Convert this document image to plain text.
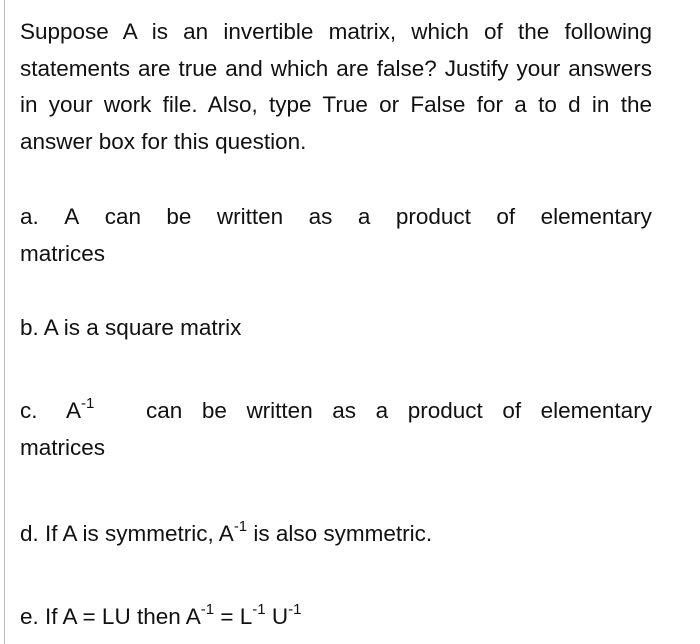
Suppose A is an invertible matrix, which of the following statements are true and which are false? Justify your answers in your work file. Also, type True or False for a to d in the answer box for this question.

a. A can be written as a product of elementary
matrices
b. A is a square matrix
c.	$A^{-1}$	can be written as a product of elementary
matrices
d. If A is symmetric, $A^{-1}$ is also symmetric.
e. If A = LU then $A^{-1} = L^{-1}$ $U^{-1}$
